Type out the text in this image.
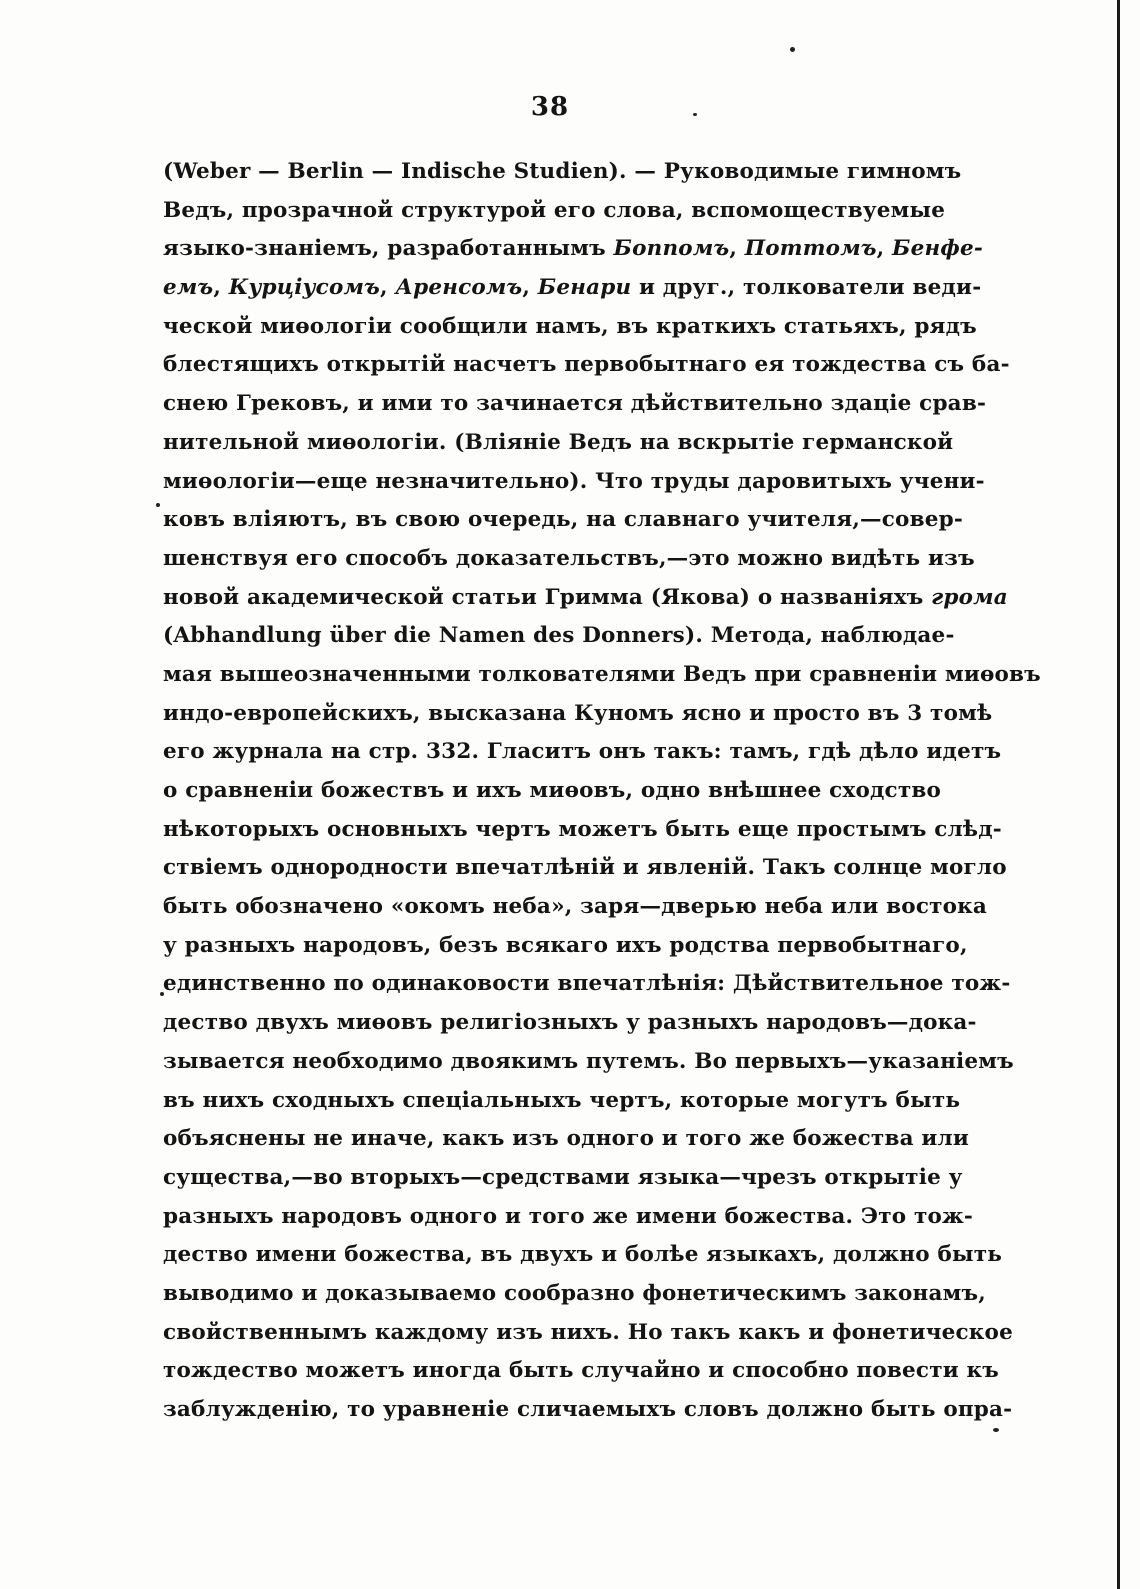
38
(Weber — Berlin — Indische Studien). — Руководимые гимномъ
Ведъ, прозрачной структурой его слова, вспомоществуемые
языко-знаніемъ, разработаннымъ Боппомъ, Поттомъ, Бенфе-
емъ, Курціусомъ, Аренсомъ, Бенари и друг., толкователи веди-
ческой миөологіи сообщили намъ, въ краткихъ статьяхъ, рядъ
блестящихъ открытій насчетъ первобытнаго ея тождества съ ба-
снею Грековъ, и ими то зачинается дѣйствительно здаціе срав-
нительной миөологіи. (Вліяніе Ведъ на вскрытіе германской
миөологіи—еще незначительно). Что труды даровитыхъ учени-
ковъ вліяютъ, въ свою очередь, на славнаго учителя,—совер-
шенствуя его способъ доказательствъ,—это можно видѣть изъ
новой академической статьи Гримма (Якова) о названіяхъ грома
(Abhandlung über die Namen des Donners). Метода, наблюдае-
мая вышеозначенными толкователями Ведъ при сравненіи миөовъ
индо-европейскихъ, высказана Куномъ ясно и просто въ 3 томѣ
его журнала на стр. 332. Гласитъ онъ такъ: тамъ, гдѣ дѣло идетъ
о сравненіи божествъ и ихъ миөовъ, одно внѣшнее сходство
нѣкоторыхъ основныхъ чертъ можетъ быть еще простымъ слѣд-
ствіемъ однородности впечатлѣній и явленій. Такъ солнце могло
быть обозначено «окомъ неба», заря—дверью неба или востока
у разныхъ народовъ, безъ всякаго ихъ родства первобытнаго,
единственно по одинаковости впечатлѣнія: Дѣйствительное тож-
дество двухъ миөовъ религіозныхъ у разныхъ народовъ—дока-
зывается необходимо двоякимъ путемъ. Во первыхъ—указаніемъ
въ нихъ сходныхъ спеціальныхъ чертъ, которые могутъ быть
объяснены не иначе, какъ изъ одного и того же божества или
существа,—во вторыхъ—средствами языка—чрезъ открытіе у
разныхъ народовъ одного и того же имени божества. Это тож-
дество имени божества, въ двухъ и болѣе языкахъ, должно быть
выводимо и доказываемо сообразно фонетическимъ законамъ,
свойственнымъ каждому изъ нихъ. Но такъ какъ и фонетическое
тождество можетъ иногда быть случайно и способно повести къ
заблужденію, то уравненіе сличаемыхъ словъ должно быть опра-
